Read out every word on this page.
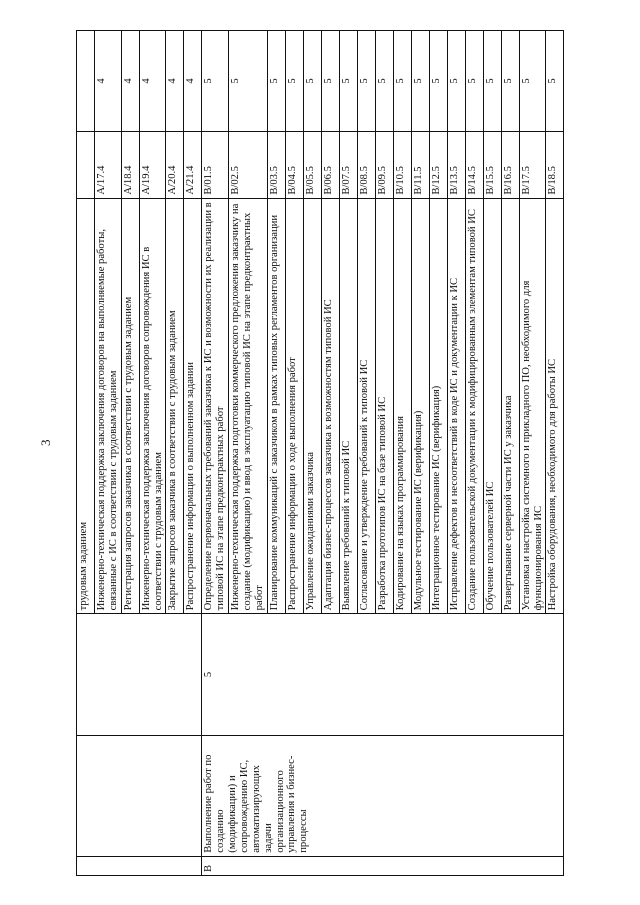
3
			трудовым заданием		
			Инженерно-техническая поддержка заключения договоров на выполняемые работы, связанные с ИС в соответствии с трудовым заданием	A/17.4	4
			Регистрация запросов заказчика в соответствии с трудовым заданием	A/18.4	4
			Инженерно-техническая поддержка заключения договоров сопровождения ИС в соответствии с трудовым заданием	A/19.4	4
			Закрытие запросов заказчика в соответствии с трудовым заданием	A/20.4	4
			Распространение информации о выполненном задании	A/21.4	4
В	Выполнение работ по созданию (модификации) и сопровождению ИС, автоматизирующих задачи организационного управления и бизнес-процессы	5	Определение первоначальных требований заказчика к ИС и возможности их реализации в типовой ИС на этапе предконтрактных работ	B/01.5	5
			Инженерно-техническая поддержка подготовки коммерческого предложения заказчику на создание (модификацию) и ввод в эксплуатацию типовой ИС на этапе предконтрактных работ	B/02.5	5
			Планирование коммуникаций с заказчиком в рамках типовых регламентов организации	B/03.5	5
			Распространение информации о ходе выполнения работ	B/04.5	5
			Управление ожиданиями заказчика	B/05.5	5
			Адаптация бизнес-процессов заказчика к возможностям типовой ИС	B/06.5	5
			Выявление требований к типовой ИС	B/07.5	5
			Согласование и утверждение требований к типовой ИС	B/08.5	5
			Разработка прототипов ИС на базе типовой ИС	B/09.5	5
			Кодирование на языках программирования	B/10.5	5
			Модульное тестирование ИС (верификация)	B/11.5	5
			Интеграционное тестирование ИС (верификация)	B/12.5	5
			Исправление дефектов и несоответствий в коде ИС и документации к ИС	B/13.5	5
			Создание пользовательской документации к модифицированным элементам типовой ИС	B/14.5	5
			Обучение пользователей ИС	B/15.5	5
			Развертывание серверной части ИС у заказчика	B/16.5	5
			Установка и настройка системного и прикладного ПО, необходимого для функционирования ИС	B/17.5	5
			Настройка оборудования, необходимого для работы ИС	B/18.5	5
